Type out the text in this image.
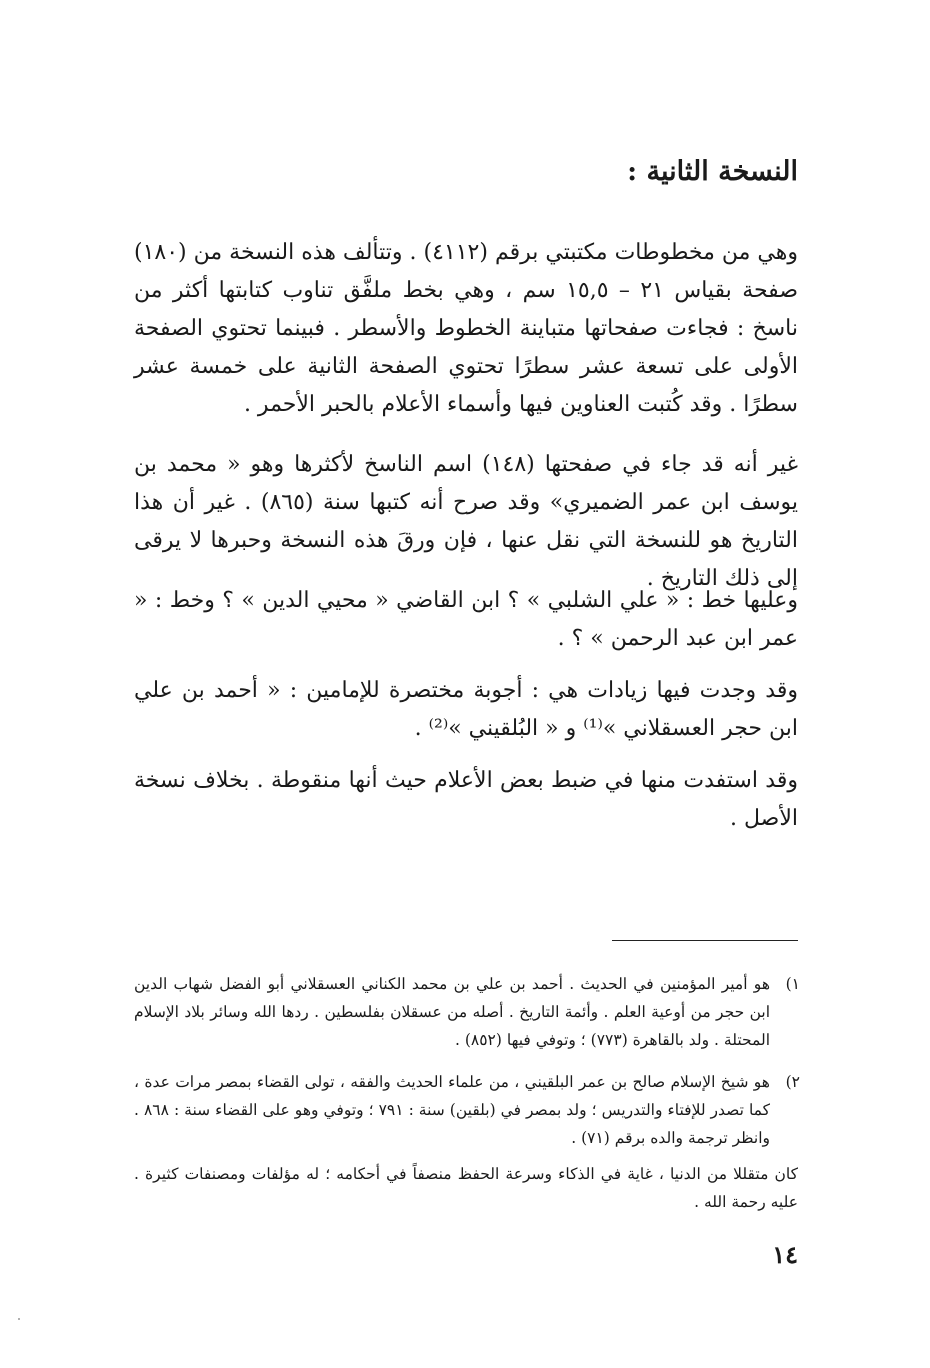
النسخة الثانية :

وهي من مخطوطات مكتبتي برقم (٤١١٢) . وتتألف هذه النسخة من (١٨٠) صفحة بقياس ٢١ – ١٥,٥ سم ، وهي بخط ملفَّق تناوب كتابتها أكثر من ناسخ : فجاءت صفحاتها متباينة الخطوط والأسطر . فبينما تحتوي الصفحة الأولى على تسعة عشر سطرًا تحتوي الصفحة الثانية على خمسة عشر سطرًا . وقد كُتبت العناوين فيها وأسماء الأعلام بالحبر الأحمر .

غير أنه قد جاء في صفحتها (١٤٨) اسم الناسخ لأكثرها وهو « محمد بن يوسف ابن عمر الضميري» وقد صرح أنه كتبها سنة (٨٦٥) . غير أن هذا التاريخ هو للنسخة التي نقل عنها ، فإن ورقَ هذه النسخة وحبرها لا يرقى إلى ذلك التاريخ .

وعليها خط : « علي الشلبي » ؟ ابن القاضي « محيي الدين » ؟ وخط : « عمر ابن عبد الرحمن » ؟ .

وقد وجدت فيها زيادات هي : أجوبة مختصرة للإمامين : « أحمد بن علي ابن حجر العسقلاني »⁽¹⁾ و « البُلقيني »⁽²⁾ .

وقد استفدت منها في ضبط بعض الأعلام حيث أنها منقوطة . بخلاف نسخة الأصل .

١)
هو أمير المؤمنين في الحديث . أحمد بن علي بن محمد الكناني العسقلاني أبو الفضل شهاب الدين ابن حجر من أوعية العلم . وأئمة التاريخ . أصله من عسقلان بفلسطين . ردها الله وسائر بلاد الإسلام المحتلة . ولد بالقاهرة (٧٧٣) ؛ وتوفي فيها (٨٥٢) .
٢)
هو شيخ الإسلام صالح بن عمر البلقيني ، من علماء الحديث والفقه ، تولى القضاء بمصر مرات عدة ، كما تصدر للإفتاء والتدريس ؛ ولد بمصر في (بلقين) سنة : ٧٩١ ؛ وتوفي وهو على القضاء سنة : ٨٦٨ . وانظر ترجمة والده برقم (٧١) .
كان متقللا من الدنيا ، غاية في الذكاء وسرعة الحفظ منصفاً في أحكامه ؛ له مؤلفات ومصنفات كثيرة . عليه رحمة الله .
١٤
